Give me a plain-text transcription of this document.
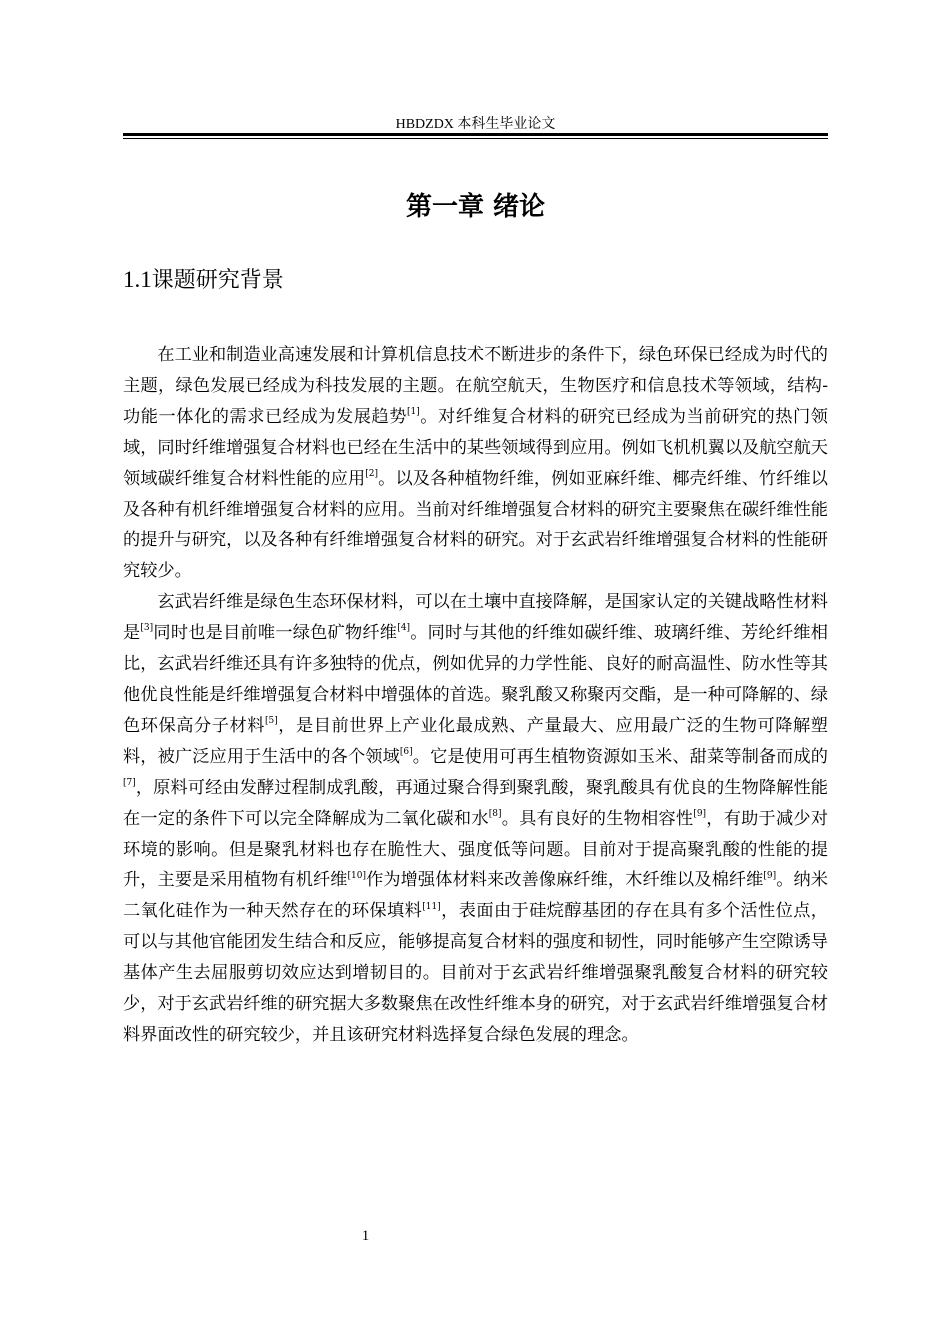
HBDZDX 本科生毕业论文
第一章 绪论
1.1课题研究背景

在工业和制造业高速发展和计算机信息技术不断进步的条件下，绿色环保已经成为时代的主题，绿色发展已经成为科技发展的主题。在航空航天，生物医疗和信息技术等领域，结构-功能一体化的需求已经成为发展趋势[1]。对纤维复合材料的研究已经成为当前研究的热门领域，同时纤维增强复合材料也已经在生活中的某些领域得到应用。例如飞机机翼以及航空航天领域碳纤维复合材料性能的应用[2]。以及各种植物纤维，例如亚麻纤维、椰壳纤维、竹纤维以及各种有机纤维增强复合材料的应用。当前对纤维增强复合材料的研究主要聚焦在碳纤维性能的提升与研究，以及各种有纤维增强复合材料的研究。对于玄武岩纤维增强复合材料的性能研究较少。

玄武岩纤维是绿色生态环保材料，可以在土壤中直接降解，是国家认定的关键战略性材料是[3]同时也是目前唯一绿色矿物纤维[4]。同时与其他的纤维如碳纤维、玻璃纤维、芳纶纤维相比，玄武岩纤维还具有许多独特的优点，例如优异的力学性能、良好的耐高温性、防水性等其他优良性能是纤维增强复合材料中增强体的首选。聚乳酸又称聚丙交酯，是一种可降解的、绿色环保高分子材料[5]，是目前世界上产业化最成熟、产量最大、应用最广泛的生物可降解塑料，被广泛应用于生活中的各个领域[6]。它是使用可再生植物资源如玉米、甜菜等制备而成的[7]，原料可经由发酵过程制成乳酸，再通过聚合得到聚乳酸，聚乳酸具有优良的生物降解性能在一定的条件下可以完全降解成为二氧化碳和水[8]。具有良好的生物相容性[9]，有助于减少对环境的影响。但是聚乳材料也存在脆性大、强度低等问题。目前对于提高聚乳酸的性能的提升，主要是采用植物有机纤维[10]作为增强体材料来改善像麻纤维，木纤维以及棉纤维[9]。纳米二氧化硅作为一种天然存在的环保填料[11]，表面由于硅烷醇基团的存在具有多个活性位点，可以与其他官能团发生结合和反应，能够提高复合材料的强度和韧性，同时能够产生空隙诱导基体产生去屈服剪切效应达到增韧目的。目前对于玄武岩纤维增强聚乳酸复合材料的研究较少，对于玄武岩纤维的研究据大多数聚焦在改性纤维本身的研究，对于玄武岩纤维增强复合材料界面改性的研究较少，并且该研究材料选择复合绿色发展的理念。

1
